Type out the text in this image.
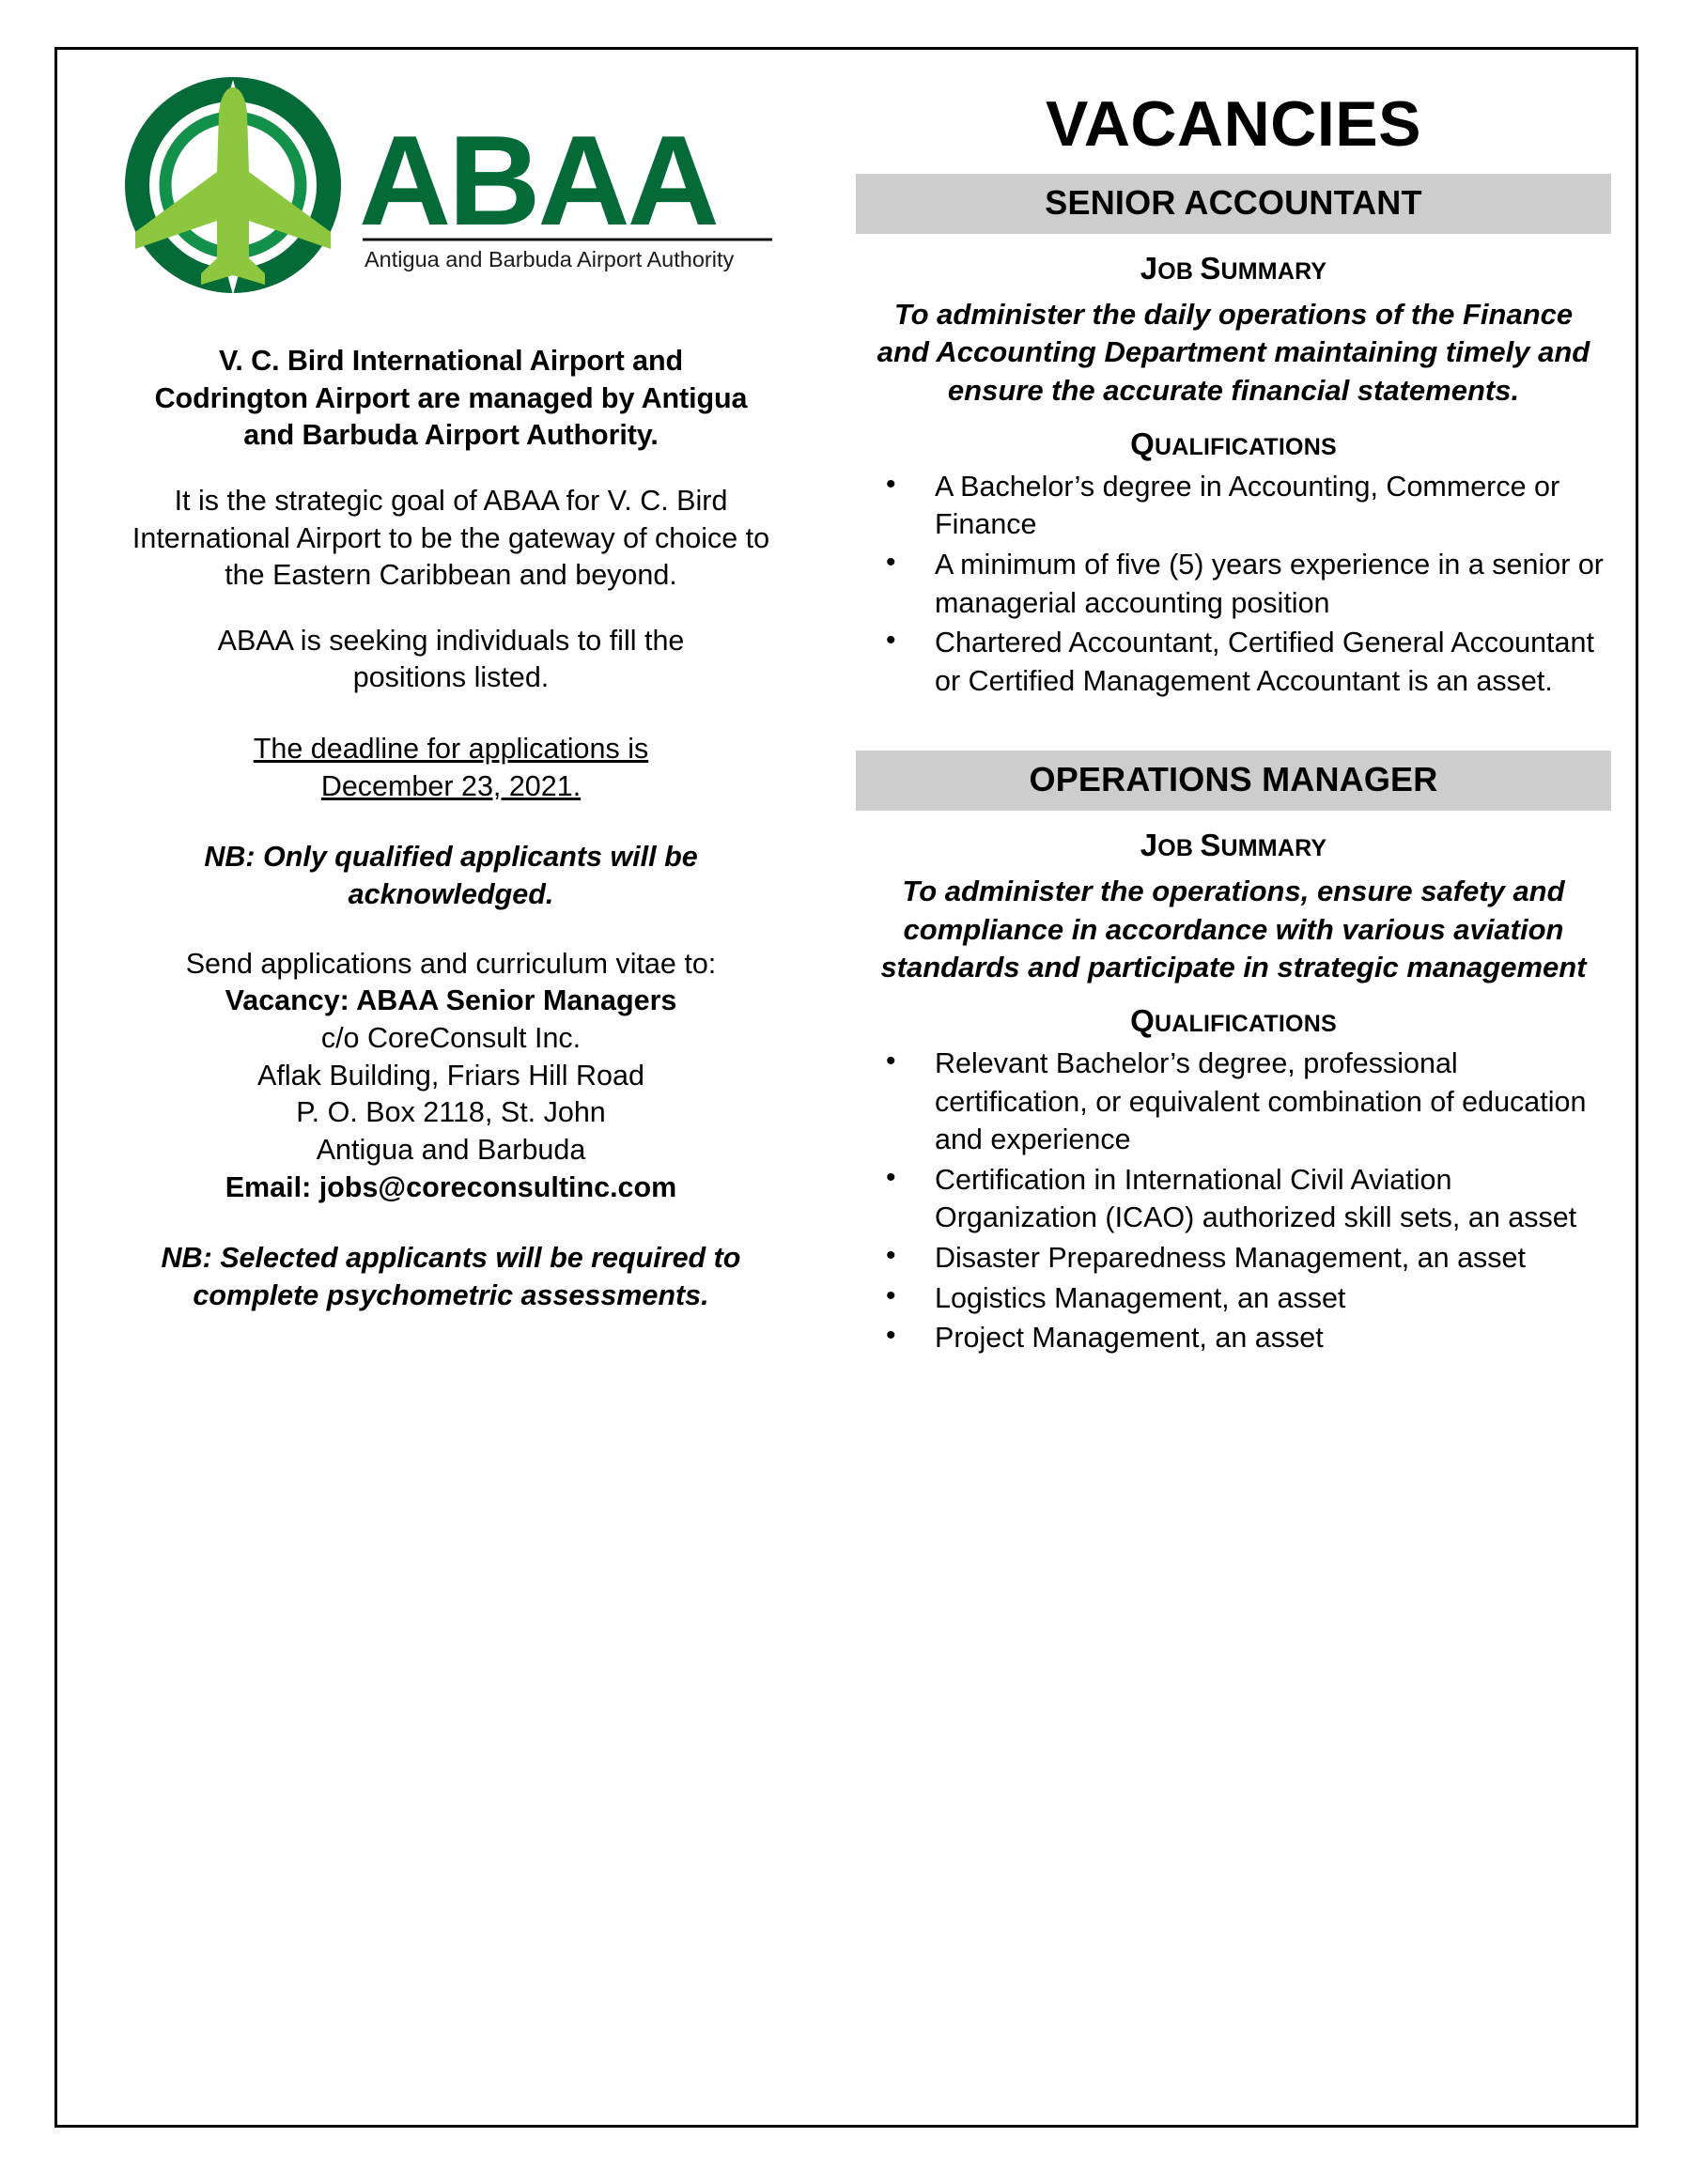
ABAA
Antigua and Barbuda Airport Authority
V. C. Bird International Airport and Codrington Airport are managed by Antigua and Barbuda Airport Authority.
It is the strategic goal of ABAA for V. C. Bird International Airport to be the gateway of choice to the Eastern Caribbean and beyond.
ABAA is seeking individuals to fill the positions listed.
The deadline for applications is
December 23, 2021.
NB: Only qualified applicants will be acknowledged.
Send applications and curriculum vitae to:
Vacancy: ABAA Senior Managers
c/o CoreConsult Inc.
Aflak Building, Friars Hill Road
P. O. Box 2118, St. John
Antigua and Barbuda
Email: jobs@coreconsultinc.com
NB: Selected applicants will be required to complete psychometric assessments.
VACANCIES
SENIOR ACCOUNTANT
JOB SUMMARY
To administer the daily operations of the Finance and Accounting Department maintaining timely and ensure the accurate financial statements.
QUALIFICATIONS
• A Bachelor’s degree in Accounting, Commerce or Finance
• A minimum of five (5) years experience in a senior or managerial accounting position
• Chartered Accountant, Certified General Accountant or Certified Management Accountant is an asset.
OPERATIONS MANAGER
JOB SUMMARY
To administer the operations, ensure safety and compliance in accordance with various aviation standards and participate in strategic management
QUALIFICATIONS
• Relevant Bachelor’s degree, professional certification, or equivalent combination of education and experience
• Certification in International Civil Aviation Organization (ICAO) authorized skill sets, an asset
• Disaster Preparedness Management, an asset
• Logistics Management, an asset
• Project Management, an asset
